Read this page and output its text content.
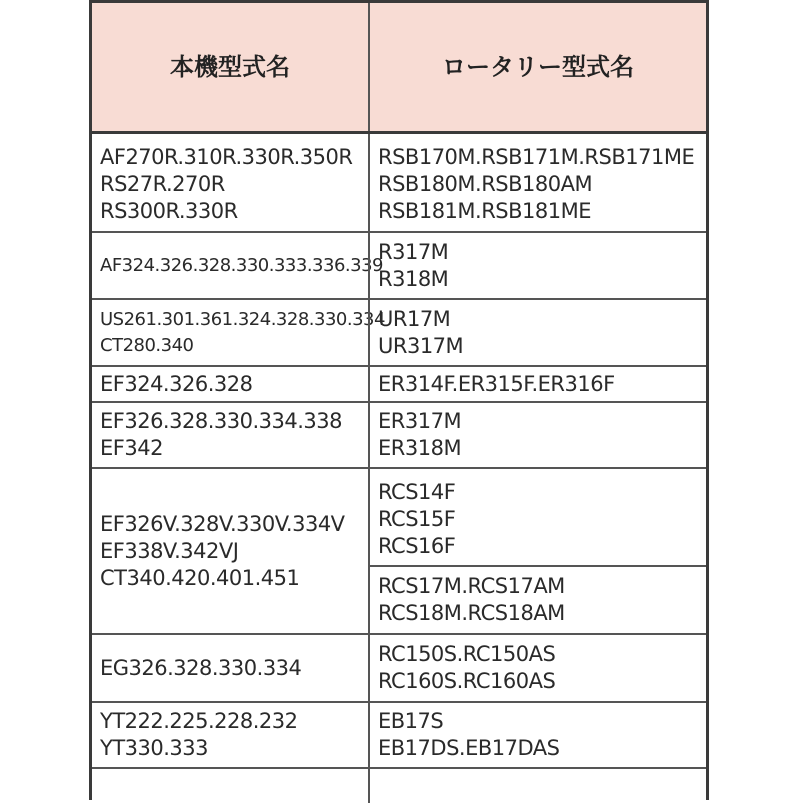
本機型式名	ロータリー型式名
AF270R.310R.330R.350R
RS27R.270R
RS300R.330R
RSB170M.RSB171M.RSB171ME
RSB180M.RSB180AM
RSB181M.RSB181ME
AF324.326.328.330.333.336.339
R317M
R318M
US261.301.361.324.328.330.334
CT280.340
UR17M
UR317M
EF324.326.328	ER314F.ER315F.ER316F
EF326.328.330.334.338
EF342
ER317M
ER318M
EF326V.328V.330V.334V
EF338V.342VJ
CT340.420.401.451
RCS14F
RCS15F
RCS16F
RCS17M.RCS17AM
RCS18M.RCS18AM
EG326.328.330.334
RC150S.RC150AS
RC160S.RC160AS
YT222.225.228.232
YT330.333
EB17S
EB17DS.EB17DAS
